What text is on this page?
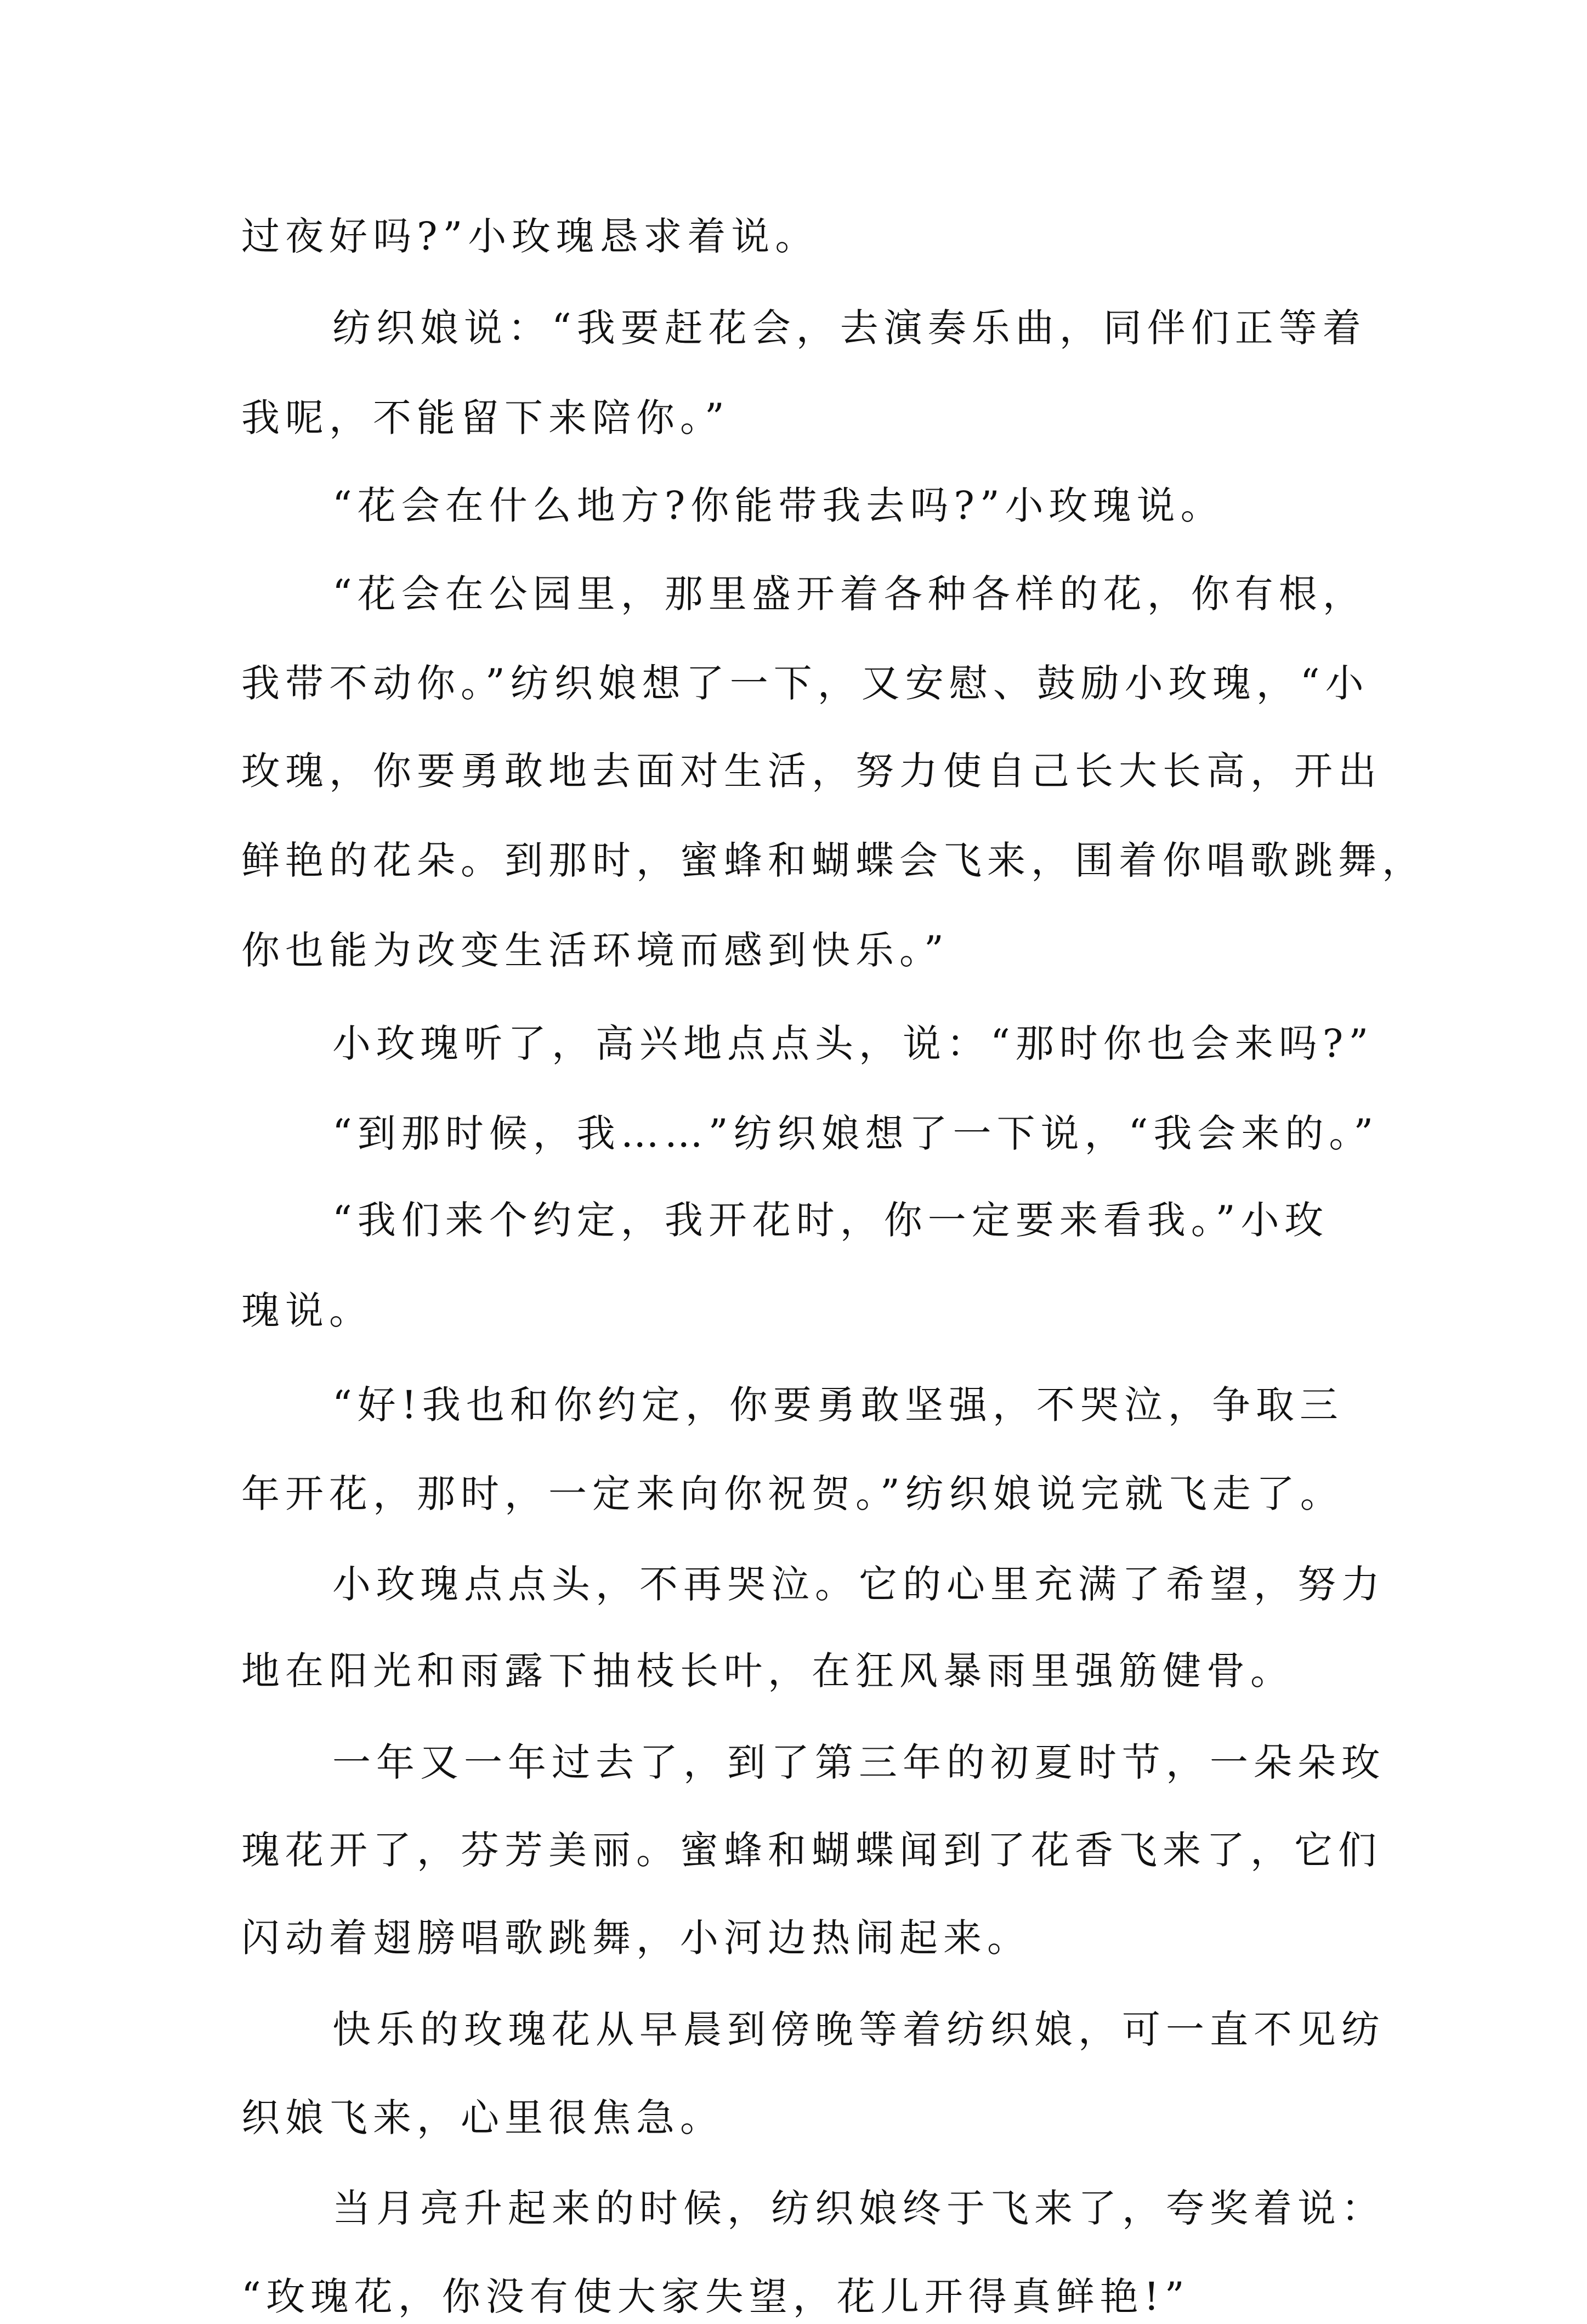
过夜好吗?”小玫瑰恳求着说。
纺织娘说：“我要赶花会，去演奏乐曲，同伴们正等着
我呢，不能留下来陪你。”
“花会在什么地方?你能带我去吗?”小玫瑰说。
“花会在公园里，那里盛开着各种各样的花，你有根，
我带不动你。”纺织娘想了一下，又安慰、鼓励小玫瑰，“小
玫瑰，你要勇敢地去面对生活，努力使自己长大长高，开出
鲜艳的花朵。到那时，蜜蜂和蝴蝶会飞来，围着你唱歌跳舞，
你也能为改变生活环境而感到快乐。”
小玫瑰听了，高兴地点点头，说：“那时你也会来吗?”
“到那时候，我……”纺织娘想了一下说，“我会来的。”
“我们来个约定，我开花时，你一定要来看我。”小玫
瑰说。
“好!我也和你约定，你要勇敢坚强，不哭泣，争取三
年开花，那时，一定来向你祝贺。”纺织娘说完就飞走了。
小玫瑰点点头，不再哭泣。它的心里充满了希望，努力
地在阳光和雨露下抽枝长叶，在狂风暴雨里强筋健骨。
一年又一年过去了，到了第三年的初夏时节，一朵朵玫
瑰花开了，芬芳美丽。蜜蜂和蝴蝶闻到了花香飞来了，它们
闪动着翅膀唱歌跳舞，小河边热闹起来。
快乐的玫瑰花从早晨到傍晚等着纺织娘，可一直不见纺
织娘飞来，心里很焦急。
当月亮升起来的时候，纺织娘终于飞来了，夸奖着说：
“玫瑰花，你没有使大家失望，花儿开得真鲜艳!”
